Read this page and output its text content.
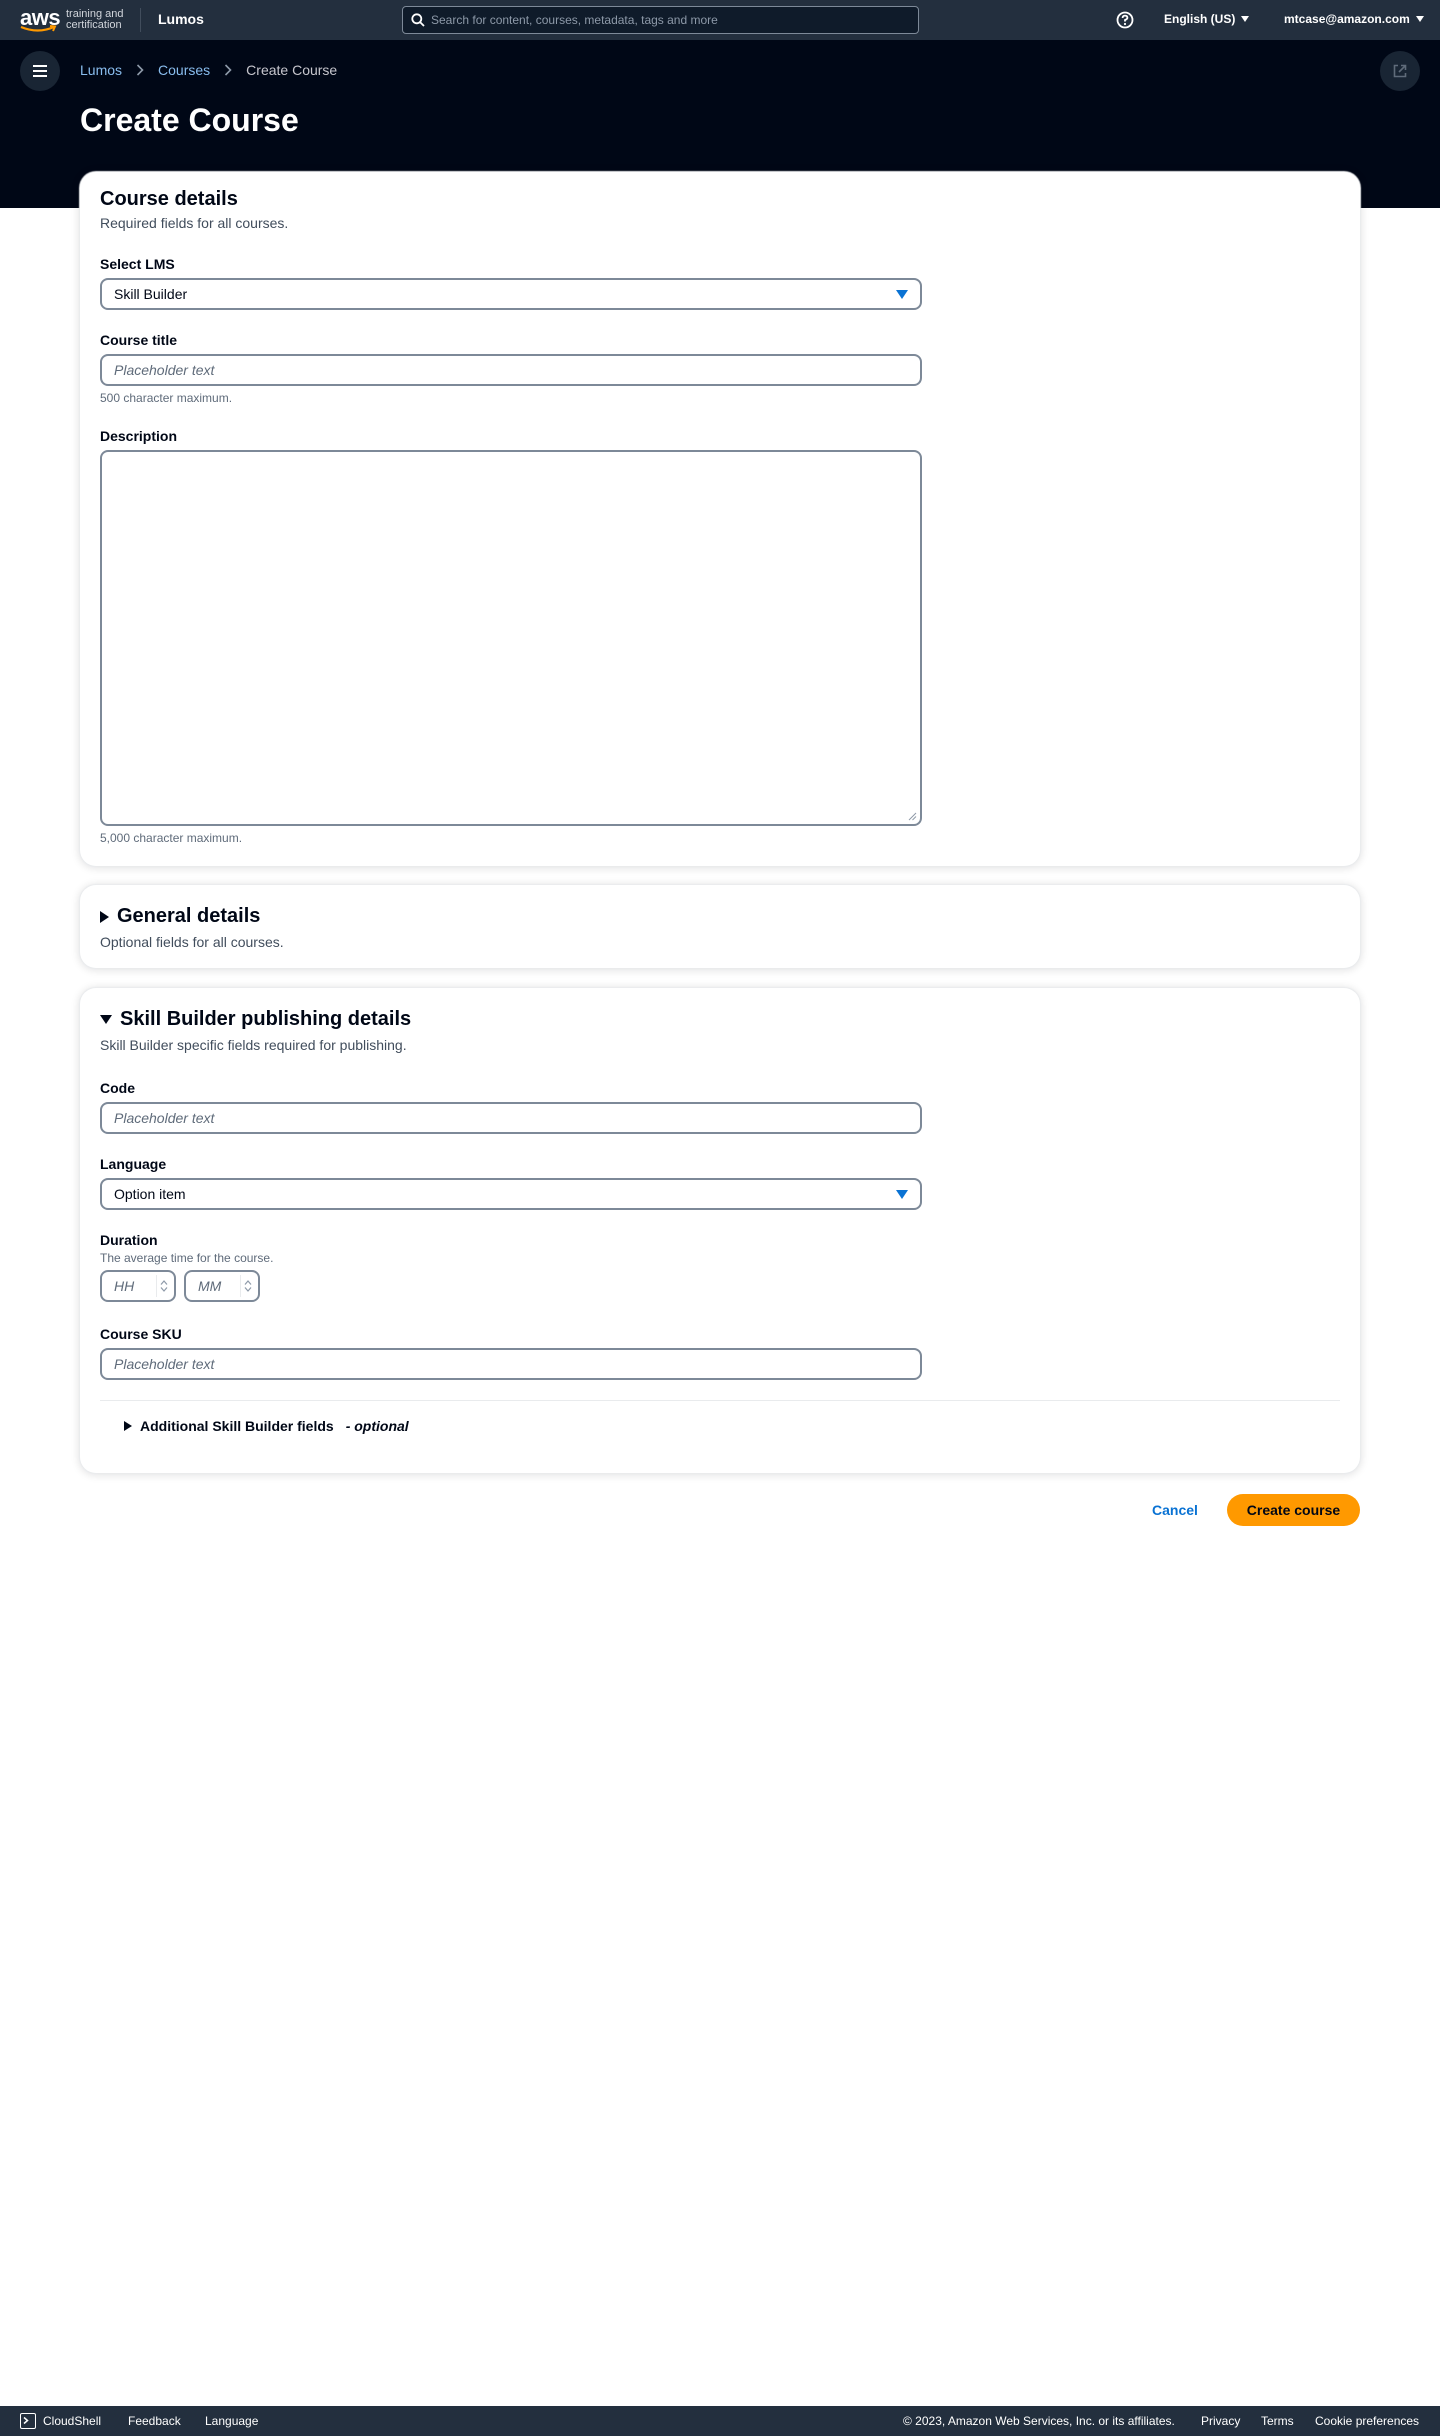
aws training and
certification	Lumos	Search for content, courses, metadata, tags and more	English (US)	mtcase@amazon.com
Lumos	Courses	Create Course
Create Course
Course details
Required fields for all courses.
Select LMS
Skill Builder
Course title
Placeholder text
500 character maximum.
Description
5,000 character maximum.
General details
Optional fields for all courses.
Skill Builder publishing details
Skill Builder specific fields required for publishing.
Code
Placeholder text
Language
Option item
Duration
The average time for the course.
HH	MM
Course SKU
Placeholder text
Additional Skill Builder fields - optional
Cancel	Create course
CloudShell Feedback Language	© 2023, Amazon Web Services, Inc. or its affiliates. Privacy Terms Cookie preferences
